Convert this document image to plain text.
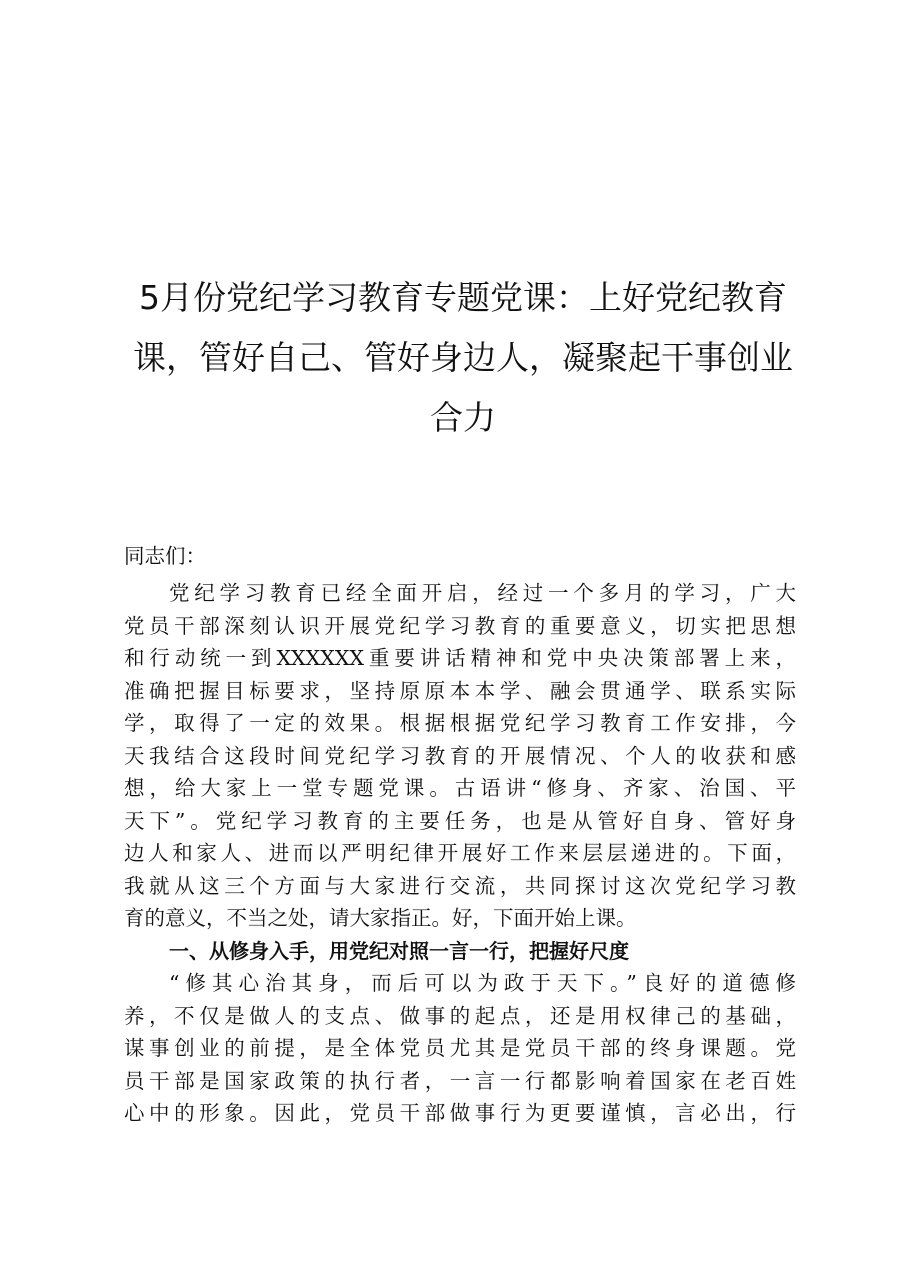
5月份党纪学习教育专题党课：上好党纪教育
课，管好自己、管好身边人，凝聚起干事创业
合力
同志们：
党纪学习教育已经全面开启，经过一个多月的学习，广大
党员干部深刻认识开展党纪学习教育的重要意义，切实把思想
和行动统一到XXXXXX重要讲话精神和党中央决策部署上来，
准确把握目标要求，坚持原原本本学、融会贯通学、联系实际
学，取得了一定的效果。根据根据党纪学习教育工作安排，今
天我结合这段时间党纪学习教育的开展情况、个人的收获和感
想，给大家上一堂专题党课。古语讲“修身、齐家、治国、平
天下”。党纪学习教育的主要任务，也是从管好自身、管好身
边人和家人、进而以严明纪律开展好工作来层层递进的。下面，
我就从这三个方面与大家进行交流，共同探讨这次党纪学习教
育的意义，不当之处，请大家指正。好，下面开始上课。
一、从修身入手，用党纪对照一言一行，把握好尺度
“修其心治其身，而后可以为政于天下。”良好的道德修
养，不仅是做人的支点、做事的起点，还是用权律己的基础，
谋事创业的前提，是全体党员尤其是党员干部的终身课题。党
员干部是国家政策的执行者，一言一行都影响着国家在老百姓
心中的形象。因此，党员干部做事行为更要谨慎，言必出，行
